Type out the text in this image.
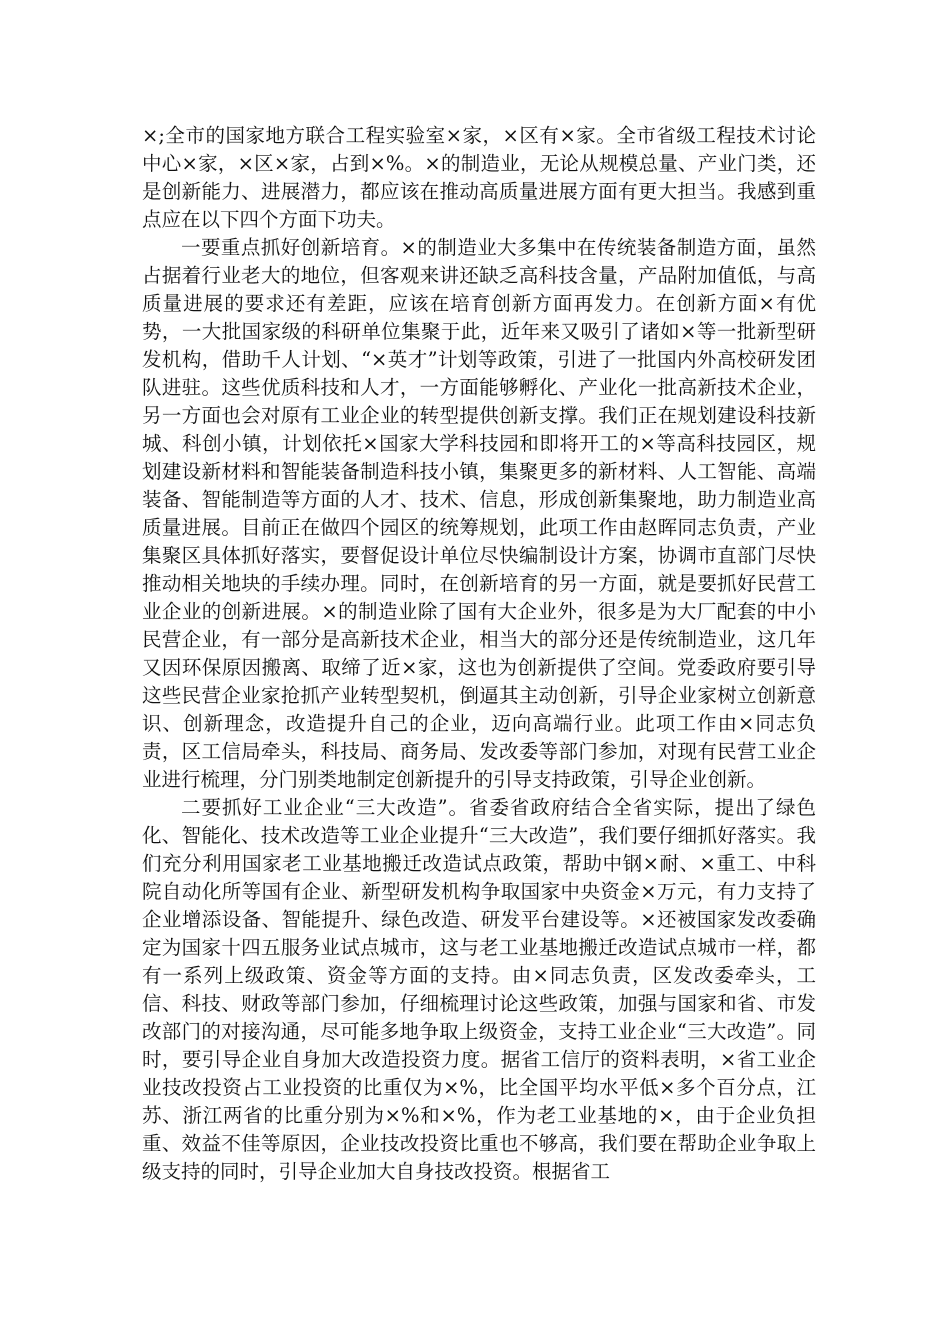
×;全市的国家地方联合工程实验室×家，×区有×家。全市省级工程技术讨论中心×家，×区×家，占到×%。×的制造业，无论从规模总量、产业门类，还是创新能力、进展潜力，都应该在推动高质量进展方面有更大担当。我感到重点应在以下四个方面下功夫。

一要重点抓好创新培育。×的制造业大多集中在传统装备制造方面，虽然占据着行业老大的地位，但客观来讲还缺乏高科技含量，产品附加值低，与高质量进展的要求还有差距，应该在培育创新方面再发力。在创新方面×有优势，一大批国家级的科研单位集聚于此，近年来又吸引了诸如×等一批新型研发机构，借助千人计划、“×英才”计划等政策，引进了一批国内外高校研发团队进驻。这些优质科技和人才，一方面能够孵化、产业化一批高新技术企业，另一方面也会对原有工业企业的转型提供创新支撑。我们正在规划建设科技新城、科创小镇，计划依托×国家大学科技园和即将开工的×等高科技园区，规划建设新材料和智能装备制造科技小镇，集聚更多的新材料、人工智能、高端装备、智能制造等方面的人才、技术、信息，形成创新集聚地，助力制造业高质量进展。目前正在做四个园区的统筹规划，此项工作由赵晖同志负责，产业集聚区具体抓好落实，要督促设计单位尽快编制设计方案，协调市直部门尽快推动相关地块的手续办理。同时，在创新培育的另一方面，就是要抓好民营工业企业的创新进展。×的制造业除了国有大企业外，很多是为大厂配套的中小民营企业，有一部分是高新技术企业，相当大的部分还是传统制造业，这几年又因环保原因搬离、取缔了近×家，这也为创新提供了空间。党委政府要引导这些民营企业家抢抓产业转型契机，倒逼其主动创新，引导企业家树立创新意识、创新理念，改造提升自己的企业，迈向高端行业。此项工作由×同志负责，区工信局牵头，科技局、商务局、发改委等部门参加，对现有民营工业企业进行梳理，分门别类地制定创新提升的引导支持政策，引导企业创新。

二要抓好工业企业“三大改造”。省委省政府结合全省实际，提出了绿色化、智能化、技术改造等工业企业提升“三大改造”，我们要仔细抓好落实。我们充分利用国家老工业基地搬迁改造试点政策，帮助中钢×耐、×重工、中科院自动化所等国有企业、新型研发机构争取国家中央资金×万元，有力支持了企业增添设备、智能提升、绿色改造、研发平台建设等。×还被国家发改委确定为国家十四五服务业试点城市，这与老工业基地搬迁改造试点城市一样，都有一系列上级政策、资金等方面的支持。由×同志负责，区发改委牵头，工信、科技、财政等部门参加，仔细梳理讨论这些政策，加强与国家和省、市发改部门的对接沟通，尽可能多地争取上级资金，支持工业企业“三大改造”。同时，要引导企业自身加大改造投资力度。据省工信厅的资料表明，×省工业企业技改投资占工业投资的比重仅为×%，比全国平均水平低×多个百分点，江苏、浙江两省的比重分别为×%和×%，作为老工业基地的×，由于企业负担重、效益不佳等原因，企业技改投资比重也不够高，我们要在帮助企业争取上级支持的同时，引导企业加大自身技改投资。根据省工
